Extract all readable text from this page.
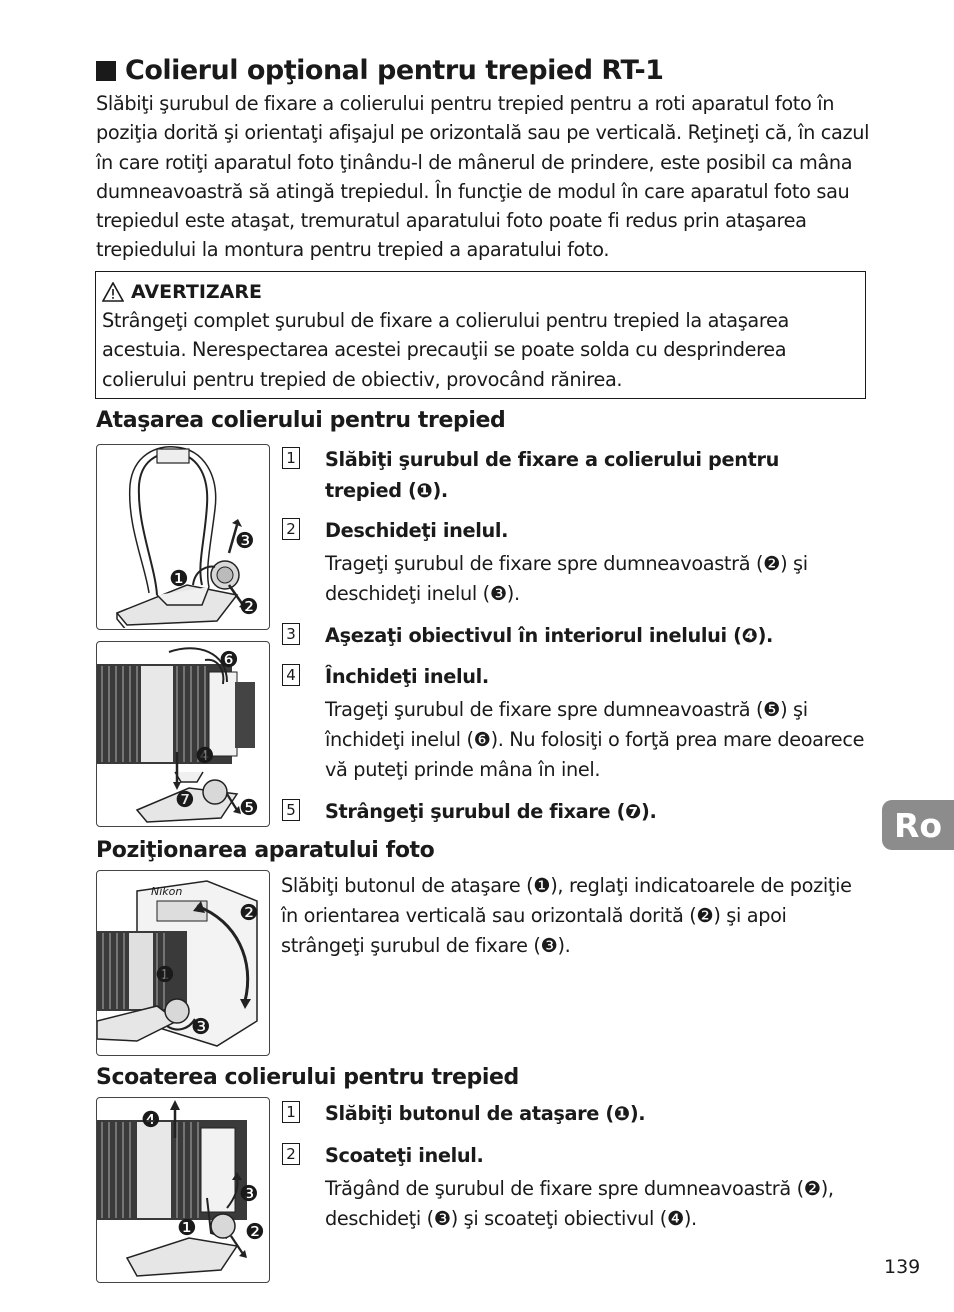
Colierul opţional pentru trepied RT-1

Slăbiţi şurubul de fixare a colierului pentru trepied pentru a roti aparatul foto în poziţia dorită şi orientaţi afişajul pe orizontală sau pe verticală. Reţineţi că, în cazul în care rotiţi aparatul foto ţinându-l de mânerul de prindere, este posibil ca mâna dumneavoastră să atingă trepiedul. În funcţie de modul în care aparatul foto sau trepiedul este ataşat, tremuratul aparatului foto poate fi redus prin ataşarea trepiedului la montura pentru trepied a aparatului foto.

AVERTIZARE

Strângeţi complet şurubul de fixare a colierului pentru trepied la ataşarea acestuia. Nerespectarea acestei precauţii se poate solda cu desprinderea colierului pentru trepied de obiectiv, provocând rănirea.

Ataşarea colierului pentru trepied
❶
❷
❸
❻
❹
❼ ❺
1 Slăbiţi şurubul de fixare a colierului pentru trepied (❶).
2 Deschideţi inelul.
Trageţi şurubul de fixare spre dumneavoastră (❷) şi deschideţi inelul (❸).
3 Aşezaţi obiectivul în interiorul inelului (❹).
4 Închideţi inelul.
Trageţi şurubul de fixare spre dumneavoastră (❺) şi închideţi inelul (❻). Nu folosiţi o forţă prea mare deoarece vă puteţi prinde mâna în inel.
5 Strângeţi şurubul de fixare (❼).	Ro
Poziţionarea aparatului foto
Nikon
❶
❷
❸

Slăbiţi butonul de ataşare (❶), reglaţi indicatoarele de poziţie în orientarea verticală sau orizontală dorită (❷) şi apoi strângeţi şurubul de fixare (❸).

Scoaterea colierului pentru trepied
❶ ❷
❸
❹	1 Slăbiţi butonul de ataşare (❶).
2 Scoateţi inelul.
Trăgând de şurubul de fixare spre dumneavoastră (❷), deschideţi (❸) şi scoateţi obiectivul (❹).
139
